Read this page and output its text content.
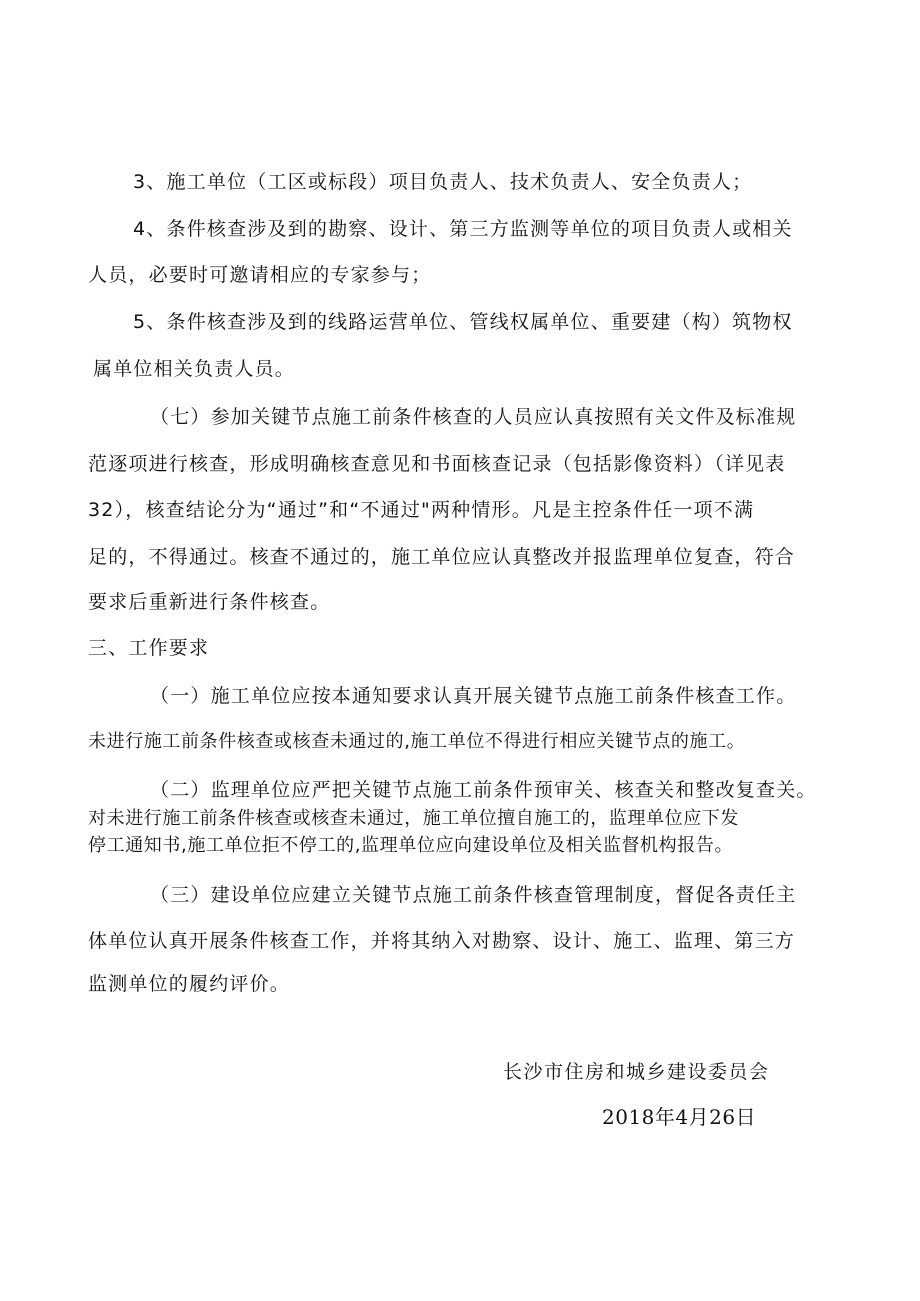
3、施工单位（工区或标段）项目负责人、技术负责人、安全负责人；
4、条件核查涉及到的勘察、设计、第三方监测等单位的项目负责人或相关
人员，必要时可邀请相应的专家参与；
5、条件核查涉及到的线路运营单位、管线权属单位、重要建（构）筑物权
属单位相关负责人员。
（七）参加关键节点施工前条件核查的人员应认真按照有关文件及标准规
范逐项进行核查，形成明确核查意见和书面核查记录（包括影像资料）（详见表
32），核查结论分为“通过”和“不通过"两种情形。凡是主控条件任一项不满
足的，不得通过。核查不通过的，施工单位应认真整改并报监理单位复查，符合
要求后重新进行条件核查。
三、工作要求
（一）施工单位应按本通知要求认真开展关键节点施工前条件核查工作。
未进行施工前条件核查或核查未通过的,施工单位不得进行相应关键节点的施工。
（二）监理单位应严把关键节点施工前条件预审关、核查关和整改复查关。
对未进行施工前条件核查或核查未通过，施工单位擅自施工的，监理单位应下发
停工通知书,施工单位拒不停工的,监理单位应向建设单位及相关监督机构报告。
（三）建设单位应建立关键节点施工前条件核查管理制度，督促各责任主
体单位认真开展条件核查工作，并将其纳入对勘察、设计、施工、监理、第三方
监测单位的履约评价。
长沙市住房和城乡建设委员会
2018年4月26日
